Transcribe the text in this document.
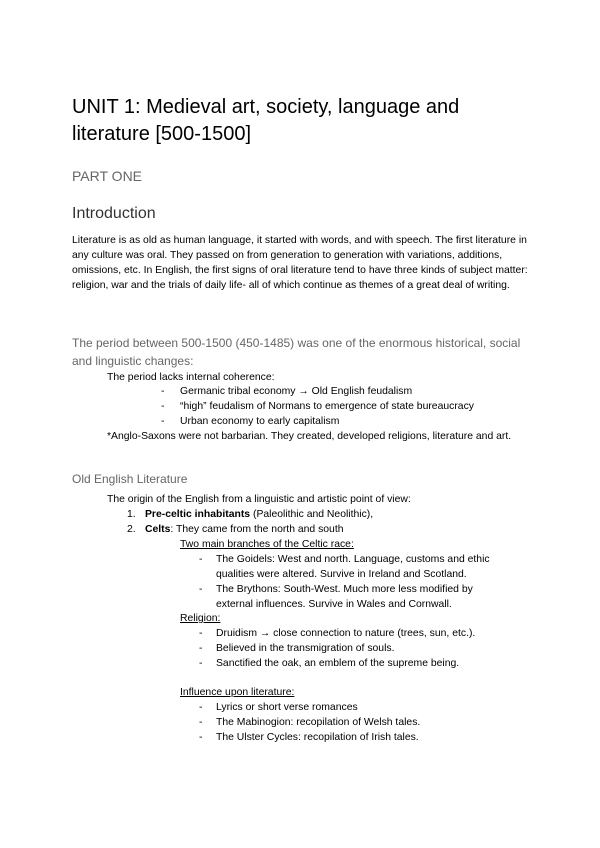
UNIT 1: Medieval art, society, language and literature [500-1500]
PART ONE
Introduction
Literature is as old as human language, it started with words, and with speech. The first literature in any culture was oral. They passed on from generation to generation with variations, additions, omissions, etc. In English, the first signs of oral literature tend to have three kinds of subject matter: religion, war and the trials of daily life- all of which continue as themes of a great deal of writing.
The period between 500-1500 (450-1485) was one of the enormous historical, social and linguistic changes:
The period lacks internal coherence:
- Germanic tribal economy → Old English feudalism
- “high” feudalism of Normans to emergence of state bureaucracy
- Urban economy to early capitalism
*Anglo-Saxons were not barbarian. They created, developed religions, literature and art.
Old English Literature
The origin of the English from a linguistic and artistic point of view:
1. Pre-celtic inhabitants (Paleolithic and Neolithic),
2. Celts: They came from the north and south
Two main branches of the Celtic race:
- The Goidels: West and north. Language, customs and ethic
qualities were altered. Survive in Ireland and Scotland.
- The Brythons: South-West. Much more less modified by
external influences. Survive in Wales and Cornwall.
Religion:
- Druidism → close connection to nature (trees, sun, etc.).
- Believed in the transmigration of souls.
- Sanctified the oak, an emblem of the supreme being.
Influence upon literature:
- Lyrics or short verse romances
- The Mabinogion: recopilation of Welsh tales.
- The Ulster Cycles: recopilation of Irish tales.
